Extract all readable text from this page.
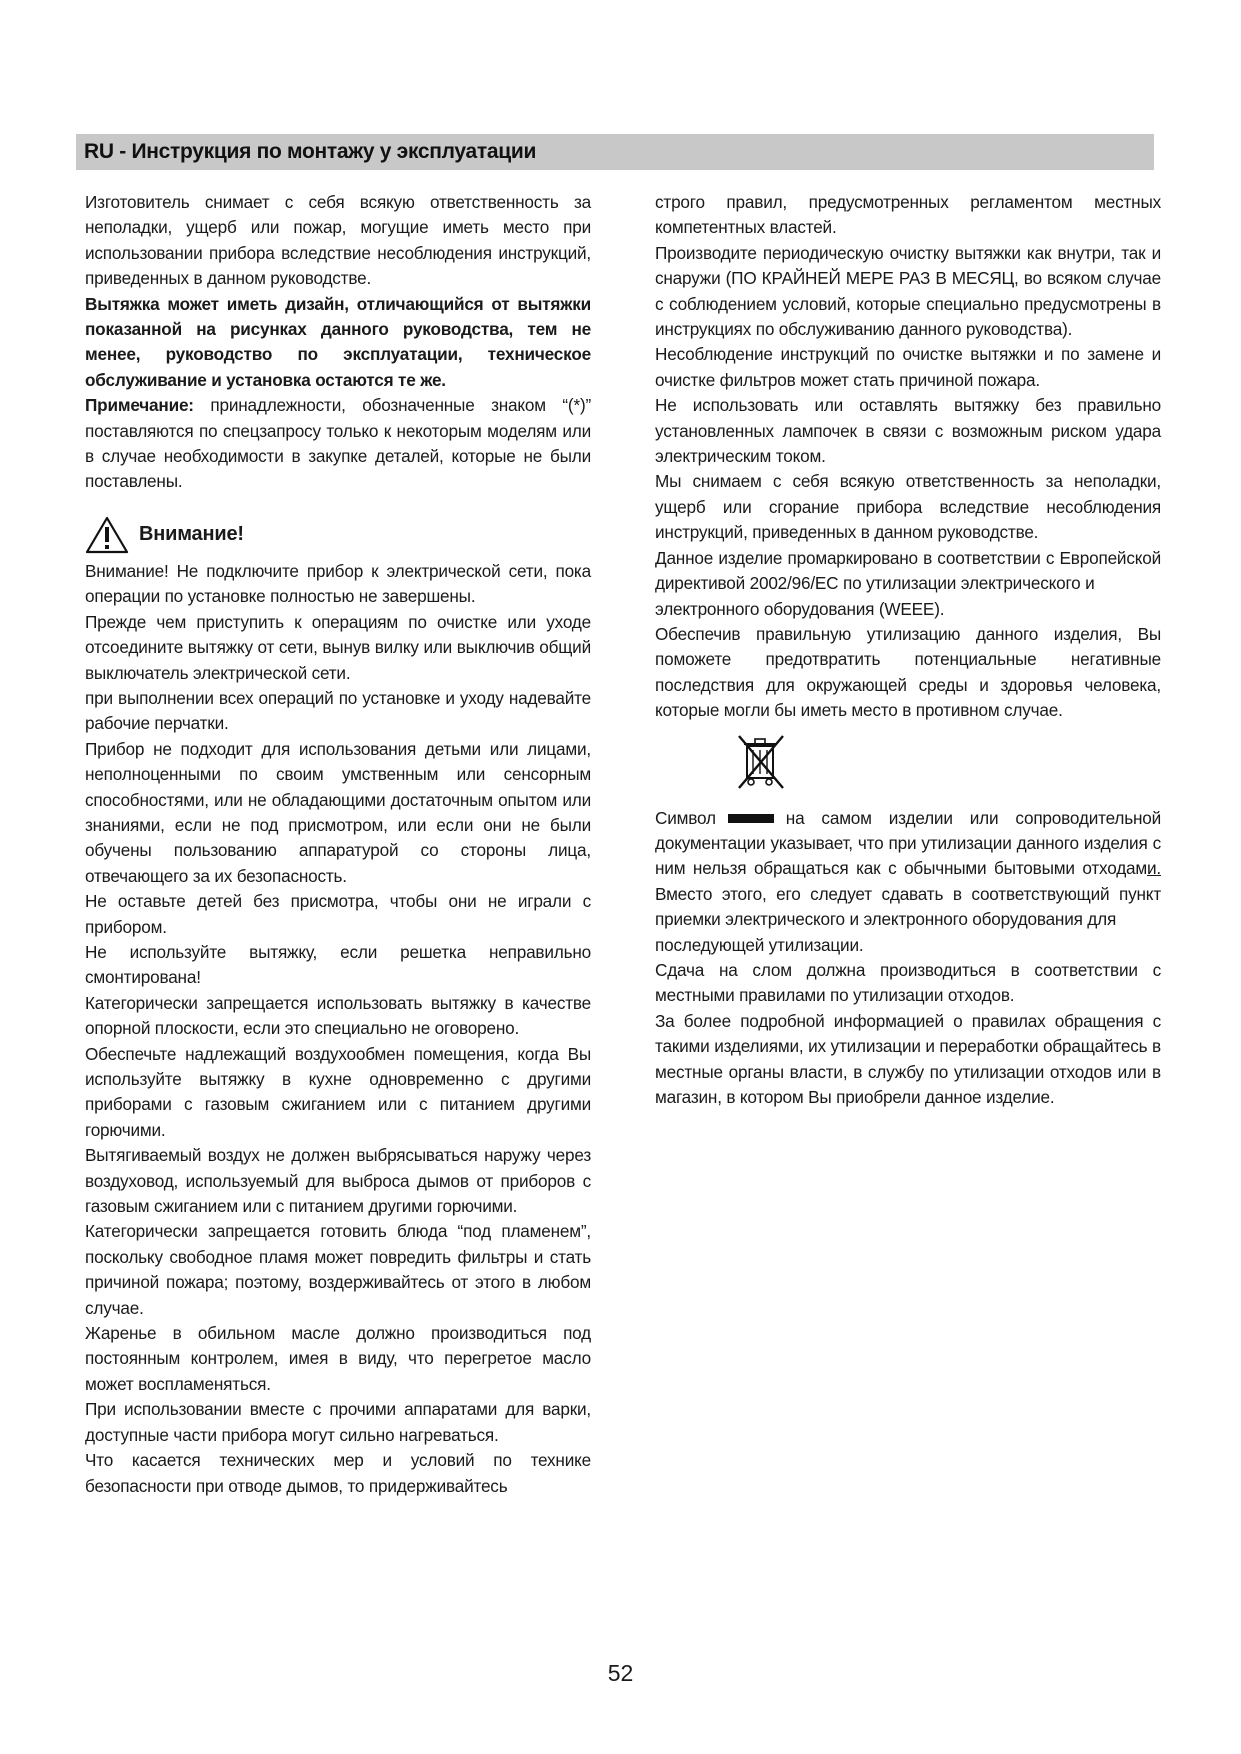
RU - Инструкция по монтажу у эксплуатации

Изготовитель снимает с себя всякую ответственность за неполадки, ущерб или пожар, могущие иметь место при использовании прибора вследствие несоблюдения инструкций, приведенных в данном руководстве.

Вытяжка может иметь дизайн, отличающийся от вытяжки показанной на рисунках данного руководства, тем не менее, руководство по эксплуатации, техническое обслуживание и установка остаются те же.

Примечание: принадлежности, обозначенные знаком “(*)” поставляются по спецзапросу только к некоторым моделям или в случае необходимости в закупке деталей, которые не были поставлены.

Внимание!

Внимание! Не подключите прибор к электрической сети, пока операции по установке полностью не завершены.

Прежде чем приступить к операциям по очистке или уходе отсоедините вытяжку от сети, вынув вилку или выключив общий выключатель электрической сети.

при выполнении всех операций по установке и уходу надевайте рабочие перчатки.

Прибор не подходит для использования детьми или лицами, неполноценными по своим умственным или сенсорным способностями, или не обладающими достаточным опытом или знаниями, если не под присмотром, или если они не были обучены пользованию аппаратурой со стороны лица, отвечающего за их безопасность.

Не оставьте детей без присмотра, чтобы они не играли с прибором.

Не используйте вытяжку, если решетка неправильно смонтирована!

Категорически запрещается использовать вытяжку в качестве опорной плоскости, если это специально не оговорено.

Обеспечьте надлежащий воздухообмен помещения, когда Вы используйте вытяжку в кухне одновременно с другими приборами с газовым сжиганием или с питанием другими горючими.

Вытягиваемый воздух не должен выбрясываться наружу через воздуховод, используемый для выброса дымов от приборов с газовым сжиганием или с питанием другими горючими.

Категорически запрещается готовить блюда “под пламенем”, поскольку свободное пламя может повредить фильтры и стать причиной пожара; поэтому, воздерживайтесь от этого в любом случае.

Жаренье в обильном масле должно производиться под постоянным контролем, имея в виду, что перегретое масло может воспламеняться.

При использовании вместе с прочими аппаратами для варки, доступные части прибора могут сильно нагреваться.

Что касается технических мер и условий по технике безопасности при отводе дымов, то придерживайтесь

строго правил, предусмотренных регламентом местных компетентных властей.

Производите периодическую очистку вытяжки как внутри, так и снаружи (ПО КРАЙНЕЙ МЕРЕ РАЗ В МЕСЯЦ, во всяком случае с соблюдением условий, которые специально предусмотрены в инструкциях по обслуживанию данного руководства).

Несоблюдение инструкций по очистке вытяжки и по замене и очистке фильтров может стать причиной пожара.

Не использовать или оставлять вытяжку без правильно установленных лампочек в связи с возможным риском удара электрическим током.

Мы снимаем с себя всякую ответственность за неполадки, ущерб или сгорание прибора вследствие несоблюдения инструкций, приведенных в данном руководстве.

Данное изделие промаркировано в соответствии с Европейской директивой 2002/96/EC по утилизации электрического и

электронного оборудования (WEEE).

Обеспечив правильную утилизацию данного изделия, Вы поможете предотвратить потенциальные негативные последствия для окружающей среды и здоровья человека, которые могли бы иметь место в противном случае.

Символ	на самом изделии или сопроводительной документации указывает, что при утилизации данного изделия с ним нельзя обращаться как с обычными бытовыми отходами. Вместо этого, его следует сдавать в соответствующий пункт приемки электрического и электронного оборудования для

последующей утилизации.

Сдача на слом должна производиться в соответствии с местными правилами по утилизации отходов.

За более подробной информацией о правилах обращения с такими изделиями, их утилизации и переработки обращайтесь в местные органы власти, в службу по утилизации отходов или в магазин, в котором Вы приобрели данное изделие.

52
